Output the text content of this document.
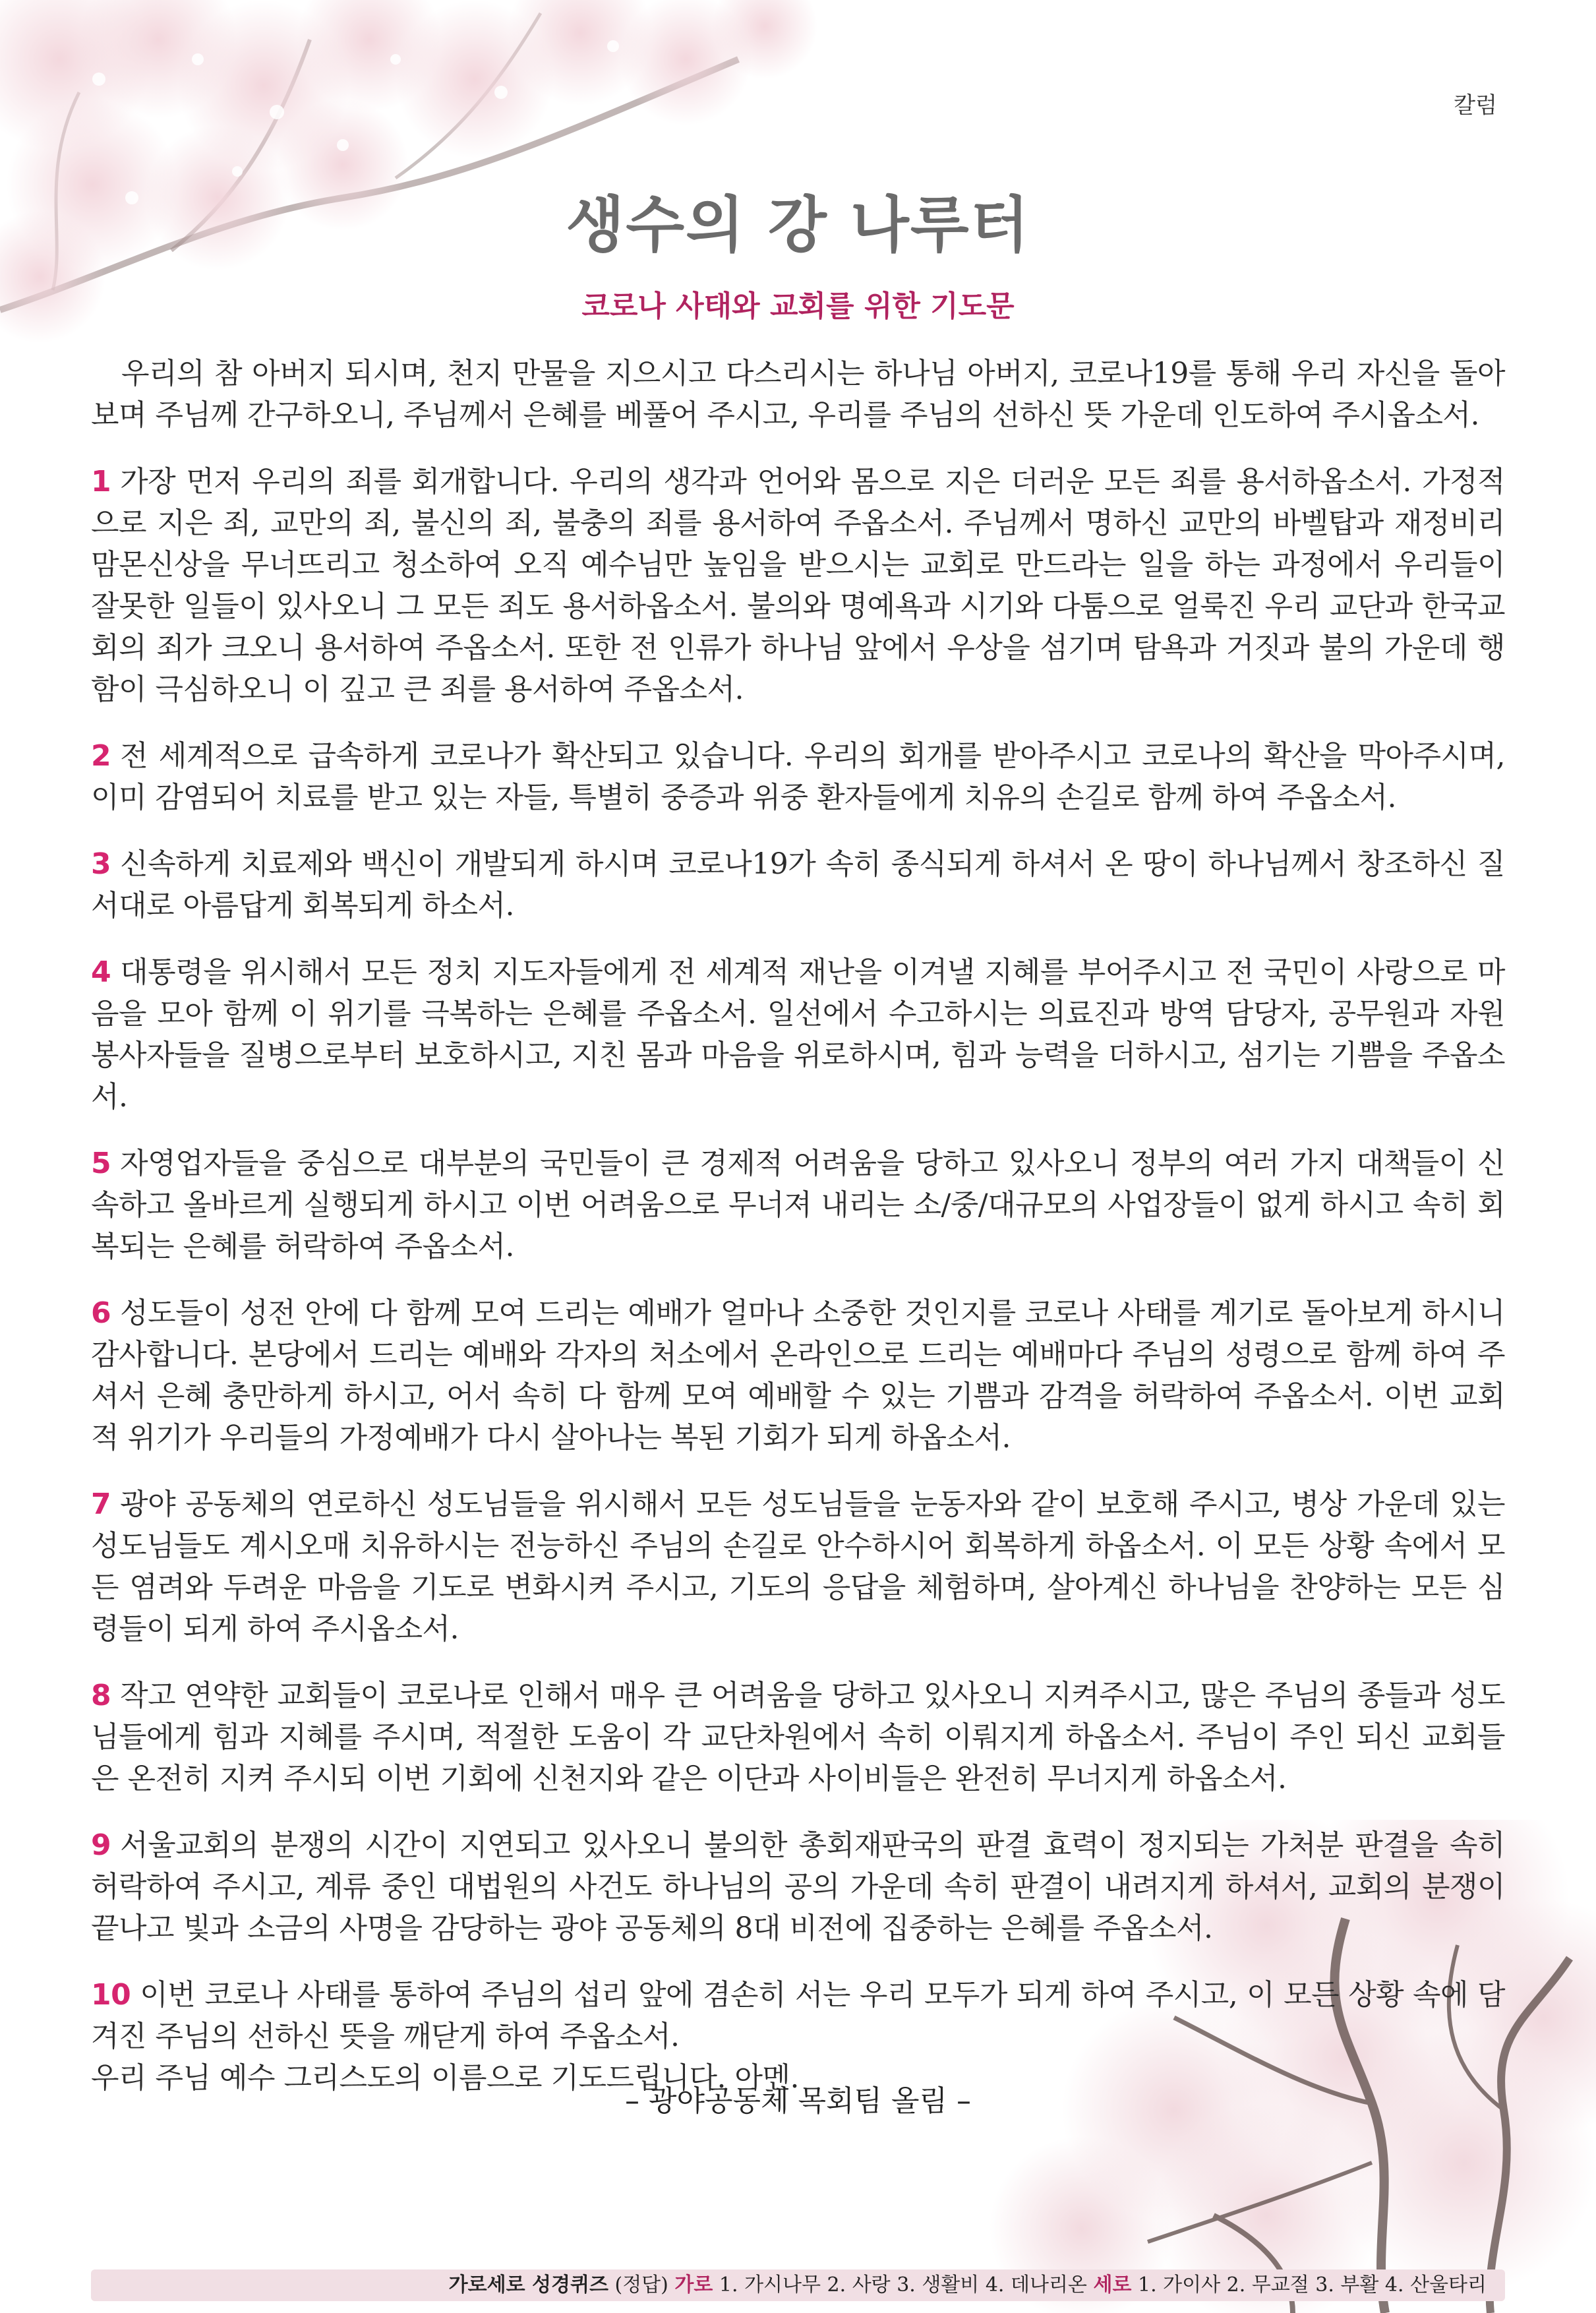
칼럼
생수의 강 나루터
코로나 사태와 교회를 위한 기도문

우리의 참 아버지 되시며, 천지 만물을 지으시고 다스리시는 하나님 아버지, 코로나19를 통해 우리 자신을 돌아보며 주님께 간구하오니, 주님께서 은혜를 베풀어 주시고, 우리를 주님의 선하신 뜻 가운데 인도하여 주시옵소서.

1 가장 먼저 우리의 죄를 회개합니다. 우리의 생각과 언어와 몸으로 지은 더러운 모든 죄를 용서하옵소서. 가정적으로 지은 죄, 교만의 죄, 불신의 죄, 불충의 죄를 용서하여 주옵소서. 주님께서 명하신 교만의 바벨탑과 재정비리 맘몬신상을 무너뜨리고 청소하여 오직 예수님만 높임을 받으시는 교회로 만드라는 일을 하는 과정에서 우리들이 잘못한 일들이 있사오니 그 모든 죄도 용서하옵소서. 불의와 명예욕과 시기와 다툼으로 얼룩진 우리 교단과 한국교회의 죄가 크오니 용서하여 주옵소서. 또한 전 인류가 하나님 앞에서 우상을 섬기며 탐욕과 거짓과 불의 가운데 행함이 극심하오니 이 깊고 큰 죄를 용서하여 주옵소서.

2 전 세계적으로 급속하게 코로나가 확산되고 있습니다. 우리의 회개를 받아주시고 코로나의 확산을 막아주시며, 이미 감염되어 치료를 받고 있는 자들, 특별히 중증과 위중 환자들에게 치유의 손길로 함께 하여 주옵소서.

3 신속하게 치료제와 백신이 개발되게 하시며 코로나19가 속히 종식되게 하셔서 온 땅이 하나님께서 창조하신 질서대로 아름답게 회복되게 하소서.

4 대통령을 위시해서 모든 정치 지도자들에게 전 세계적 재난을 이겨낼 지혜를 부어주시고 전 국민이 사랑으로 마음을 모아 함께 이 위기를 극복하는 은혜를 주옵소서. 일선에서 수고하시는 의료진과 방역 담당자, 공무원과 자원봉사자들을 질병으로부터 보호하시고, 지친 몸과 마음을 위로하시며, 힘과 능력을 더하시고, 섬기는 기쁨을 주옵소서.

5 자영업자들을 중심으로 대부분의 국민들이 큰 경제적 어려움을 당하고 있사오니 정부의 여러 가지 대책들이 신속하고 올바르게 실행되게 하시고 이번 어려움으로 무너져 내리는 소/중/대규모의 사업장들이 없게 하시고 속히 회복되는 은혜를 허락하여 주옵소서.

6 성도들이 성전 안에 다 함께 모여 드리는 예배가 얼마나 소중한 것인지를 코로나 사태를 계기로 돌아보게 하시니 감사합니다. 본당에서 드리는 예배와 각자의 처소에서 온라인으로 드리는 예배마다 주님의 성령으로 함께 하여 주셔서 은혜 충만하게 하시고, 어서 속히 다 함께 모여 예배할 수 있는 기쁨과 감격을 허락하여 주옵소서. 이번 교회적 위기가 우리들의 가정예배가 다시 살아나는 복된 기회가 되게 하옵소서.

7 광야 공동체의 연로하신 성도님들을 위시해서 모든 성도님들을 눈동자와 같이 보호해 주시고, 병상 가운데 있는 성도님들도 계시오매 치유하시는 전능하신 주님의 손길로 안수하시어 회복하게 하옵소서. 이 모든 상황 속에서 모든 염려와 두려운 마음을 기도로 변화시켜 주시고, 기도의 응답을 체험하며, 살아계신 하나님을 찬양하는 모든 심령들이 되게 하여 주시옵소서.

8 작고 연약한 교회들이 코로나로 인해서 매우 큰 어려움을 당하고 있사오니 지켜주시고, 많은 주님의 종들과 성도님들에게 힘과 지혜를 주시며, 적절한 도움이 각 교단차원에서 속히 이뤄지게 하옵소서. 주님이 주인 되신 교회들은 온전히 지켜 주시되 이번 기회에 신천지와 같은 이단과 사이비들은 완전히 무너지게 하옵소서.

9 서울교회의 분쟁의 시간이 지연되고 있사오니 불의한 총회재판국의 판결 효력이 정지되는 가처분 판결을 속히 허락하여 주시고, 계류 중인 대법원의 사건도 하나님의 공의 가운데 속히 판결이 내려지게 하셔서, 교회의 분쟁이 끝나고 빛과 소금의 사명을 감당하는 광야 공동체의 8대 비전에 집중하는 은혜를 주옵소서.

10 이번 코로나 사태를 통하여 주님의 섭리 앞에 겸손히 서는 우리 모두가 되게 하여 주시고, 이 모든 상황 속에 담겨진 주님의 선하신 뜻을 깨닫게 하여 주옵소서.

우리 주님 예수 그리스도의 이름으로 기도드립니다. 아멘.

– 광야공동체 목회팀 올림 –
가로세로 성경퀴즈 (정답) 가로 1. 가시나무 2. 사랑 3. 생활비 4. 데나리온 세로 1. 가이사 2. 무교절 3. 부활 4. 산울타리
